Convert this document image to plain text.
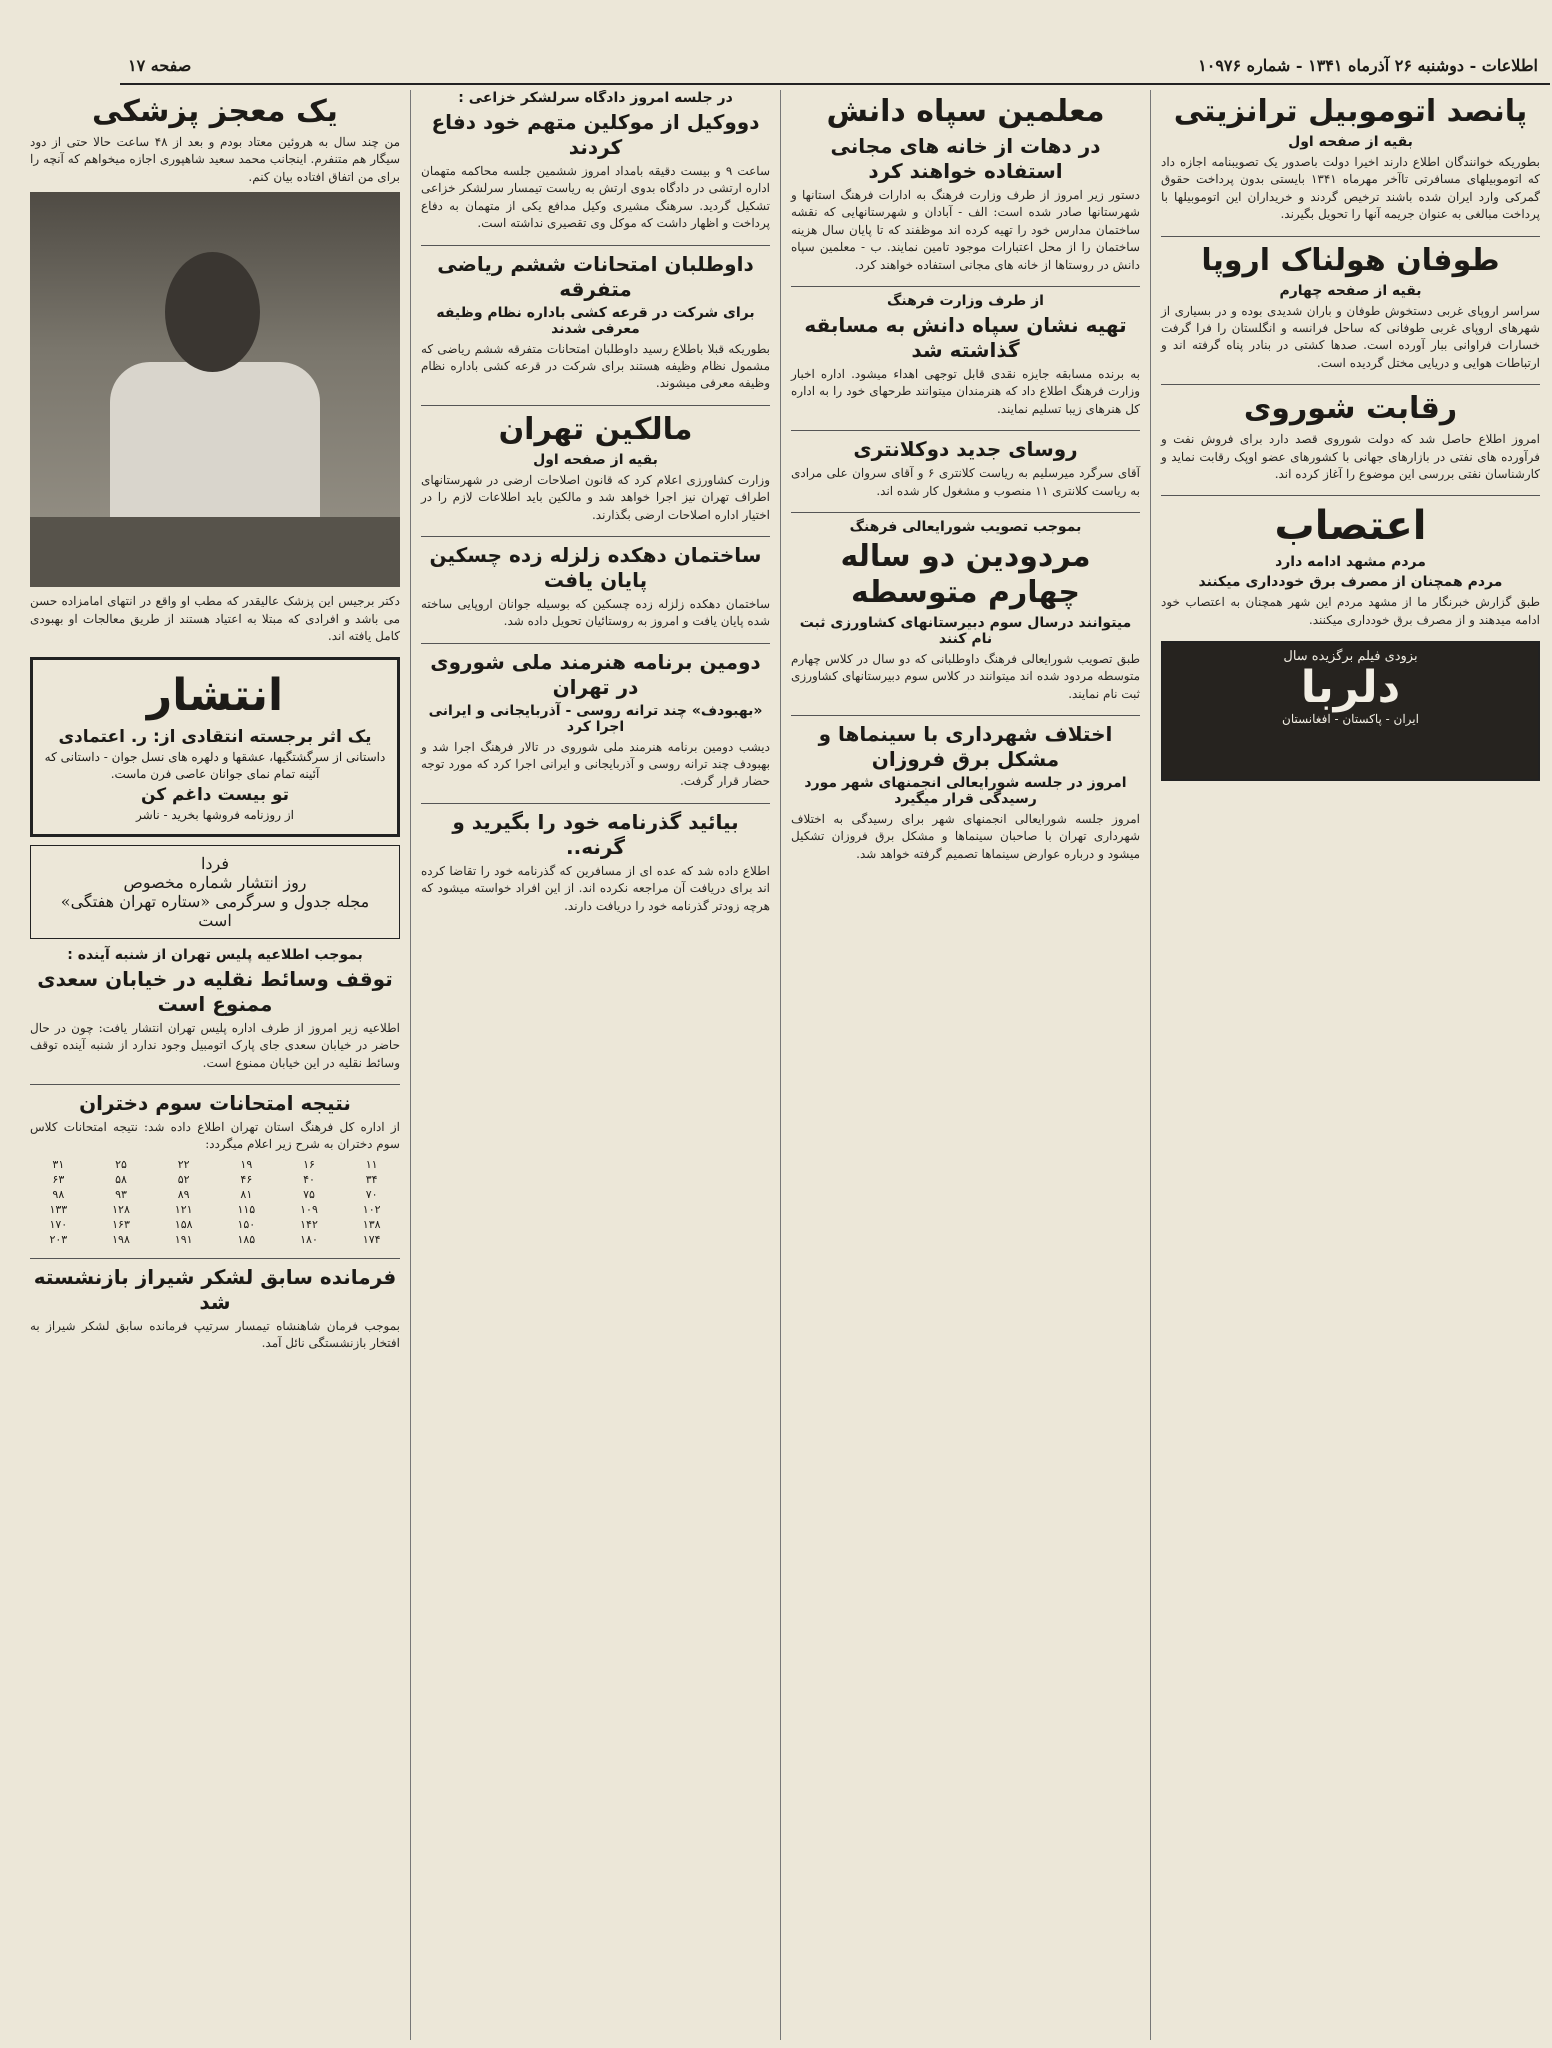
صفحه ۱۷	اطلاعات - دوشنبه ۲۶ آذرماه ۱۳۴۱ - شماره ۱۰۹۷۶
پانصد اتوموبیل ترانزیتی
بقیه از صفحه اول

بطوریکه خوانندگان اطلاع دارند اخیرا دولت باصدور یک تصویبنامه اجازه داد که اتوموبیلهای مسافرتی تاآخر مهرماه ۱۳۴۱ بایستی بدون پرداخت حقوق گمرکی وارد ایران شده باشند ترخیص گردند و خریداران این اتوموبیلها با پرداخت مبالغی به عنوان جریمه آنها را تحویل بگیرند.

طوفان هولناک اروپا
بقیه از صفحه چهارم

سراسر اروپای غربی دستخوش طوفان و باران شدیدی بوده و در بسیاری از شهرهای اروپای غربی طوفانی که ساحل فرانسه و انگلستان را فرا گرفت خسارات فراوانی ببار آورده است. صدها کشتی در بنادر پناه گرفته اند و ارتباطات هوایی و دریایی مختل گردیده است.

رقابت شوروی

امروز اطلاع حاصل شد که دولت شوروی قصد دارد برای فروش نفت و فرآورده های نفتی در بازارهای جهانی با کشورهای عضو اوپک رقابت نماید و کارشناسان نفتی بررسی این موضوع را آغاز کرده اند.

اعتصاب
مردم مشهد ادامه دارد
مردم همچنان از مصرف برق خودداری میکنند

طبق گزارش خبرنگار ما از مشهد مردم این شهر همچنان به اعتصاب خود ادامه میدهند و از مصرف برق خودداری میکنند.

بزودی فیلم برگزیده سال
دلربا
ایران - پاکستان - افغانستان
معلمین سپاه دانش
در دهات از خانه های مجانی استفاده خواهند کرد

دستور زیر امروز از طرف وزارت فرهنگ به ادارات فرهنگ استانها و شهرستانها صادر شده است: الف - آبادان و شهرستانهایی که نقشه ساختمان مدارس خود را تهیه کرده اند موظفند که تا پایان سال هزینه ساختمان را از محل اعتبارات موجود تامین نمایند. ب - معلمین سپاه دانش در روستاها از خانه های مجانی استفاده خواهند کرد.

از طرف وزارت فرهنگ
تهیه نشان سپاه دانش به مسابقه گذاشته شد

به برنده مسابقه جایزه نقدی قابل توجهی اهداء میشود. اداره اخبار وزارت فرهنگ اطلاع داد که هنرمندان میتوانند طرحهای خود را به اداره کل هنرهای زیبا تسلیم نمایند.

روسای جدید دوکلانتری

آقای سرگرد میرسلیم به ریاست کلانتری ۶ و آقای سروان علی مرادی به ریاست کلانتری ۱۱ منصوب و مشغول کار شده اند.

بموجب تصویب شورایعالی فرهنگ
مردودین دو ساله چهارم متوسطه
میتوانند درسال سوم دبیرستانهای کشاورزی ثبت نام کنند

طبق تصویب شورایعالی فرهنگ داوطلبانی که دو سال در کلاس چهارم متوسطه مردود شده اند میتوانند در کلاس سوم دبیرستانهای کشاورزی ثبت نام نمایند.

اختلاف شهرداری با سینماها و مشکل برق فروزان
امروز در جلسه شورایعالی انجمنهای شهر مورد رسیدگی قرار میگیرد

امروز جلسه شورایعالی انجمنهای شهر برای رسیدگی به اختلاف شهرداری تهران با صاحبان سینماها و مشکل برق فروزان تشکیل میشود و درباره عوارض سینماها تصمیم گرفته خواهد شد.

در جلسه امروز دادگاه سرلشکر خزاعی :
دووکیل از موکلین متهم خود دفاع کردند

ساعت ۹ و بیست دقیقه بامداد امروز ششمین جلسه محاکمه متهمان اداره ارتشی در دادگاه بدوی ارتش به ریاست تیمسار سرلشکر خزاعی تشکیل گردید. سرهنگ مشیری وکیل مدافع یکی از متهمان به دفاع پرداخت و اظهار داشت که موکل وی تقصیری نداشته است.

داوطلبان امتحانات ششم ریاضی متفرقه
برای شرکت در قرعه کشی باداره نظام وظیفه معرفی شدند

بطوریکه قبلا باطلاع رسید داوطلبان امتحانات متفرقه ششم ریاضی که مشمول نظام وظیفه هستند برای شرکت در قرعه کشی باداره نظام وظیفه معرفی میشوند.

مالکین تهران
بقیه از صفحه اول

وزارت کشاورزی اعلام کرد که قانون اصلاحات ارضی در شهرستانهای اطراف تهران نیز اجرا خواهد شد و مالکین باید اطلاعات لازم را در اختیار اداره اصلاحات ارضی بگذارند.

ساختمان دهکده زلزله زده چسکین پایان یافت

ساختمان دهکده زلزله زده چسکین که بوسیله جوانان اروپایی ساخته شده پایان یافت و امروز به روستائیان تحویل داده شد.

دومین برنامه هنرمند ملی شوروی در تهران
«بهبودف» چند ترانه روسی - آذربایجانی و ایرانی اجرا کرد

دیشب دومین برنامه هنرمند ملی شوروی در تالار فرهنگ اجرا شد و بهبودف چند ترانه روسی و آذربایجانی و ایرانی اجرا کرد که مورد توجه حضار قرار گرفت.

بیائید گذرنامه خود را بگیرید و گرنه..

اطلاع داده شد که عده ای از مسافرین که گذرنامه خود را تقاضا کرده اند برای دریافت آن مراجعه نکرده اند. از این افراد خواسته میشود که هرچه زودتر گذرنامه خود را دریافت دارند.

یک معجز پزشکی

من چند سال به هروئین معتاد بودم و بعد از ۴۸ ساعت حالا حتی از دود سیگار هم متنفرم. اینجانب محمد سعید شاهپوری اجازه میخواهم که آنچه را برای من اتفاق افتاده بیان کنم.

دکتر برجیس این پزشک عالیقدر که مطب او واقع در انتهای امامزاده حسن می باشد و افرادی که مبتلا به اعتیاد هستند از طریق معالجات او بهبودی کامل یافته اند.

انتشار
یک اثر برجسته انتقادی از: ر. اعتمادی
داستانی از سرگشتگیها، عشقها و دلهره های نسل جوان - داستانی که آئینه تمام نمای جوانان عاصی فرن ماست.
تو بیست داغم کن
از روزنامه فروشها بخرید - ناشر
فردا
روز انتشار شماره مخصوص
مجله جدول و سرگرمی «ستاره تهران هفتگی»
است
بموجب اطلاعیه پلیس تهران از شنبه آینده :
توقف وسائط نقلیه در خیابان سعدی ممنوع است

اطلاعیه زیر امروز از طرف اداره پلیس تهران انتشار یافت: چون در حال حاضر در خیابان سعدی جای پارک اتومبیل وجود ندارد از شنبه آینده توقف وسائط نقلیه در این خیابان ممنوع است.

نتیجه امتحانات سوم دختران

از اداره کل فرهنگ استان تهران اطلاع داده شد: نتیجه امتحانات کلاس سوم دختران به شرح زیر اعلام میگردد:

۱۱
۱۶
۱۹
۲۲
۲۵
۳۱
۳۴
۴۰
۴۶
۵۲
۵۸
۶۳
۷۰
۷۵
۸۱
۸۹
۹۳
۹۸
۱۰۲
۱۰۹
۱۱۵
۱۲۱
۱۲۸
۱۳۳
۱۳۸
۱۴۲
۱۵۰
۱۵۸
۱۶۳
۱۷۰
۱۷۴
۱۸۰
۱۸۵
۱۹۱
۱۹۸
۲۰۳
فرمانده سابق لشکر شیراز بازنشسته شد

بموجب فرمان شاهنشاه تیمسار سرتیپ فرمانده سابق لشکر شیراز به افتخار بازنشستگی نائل آمد.
